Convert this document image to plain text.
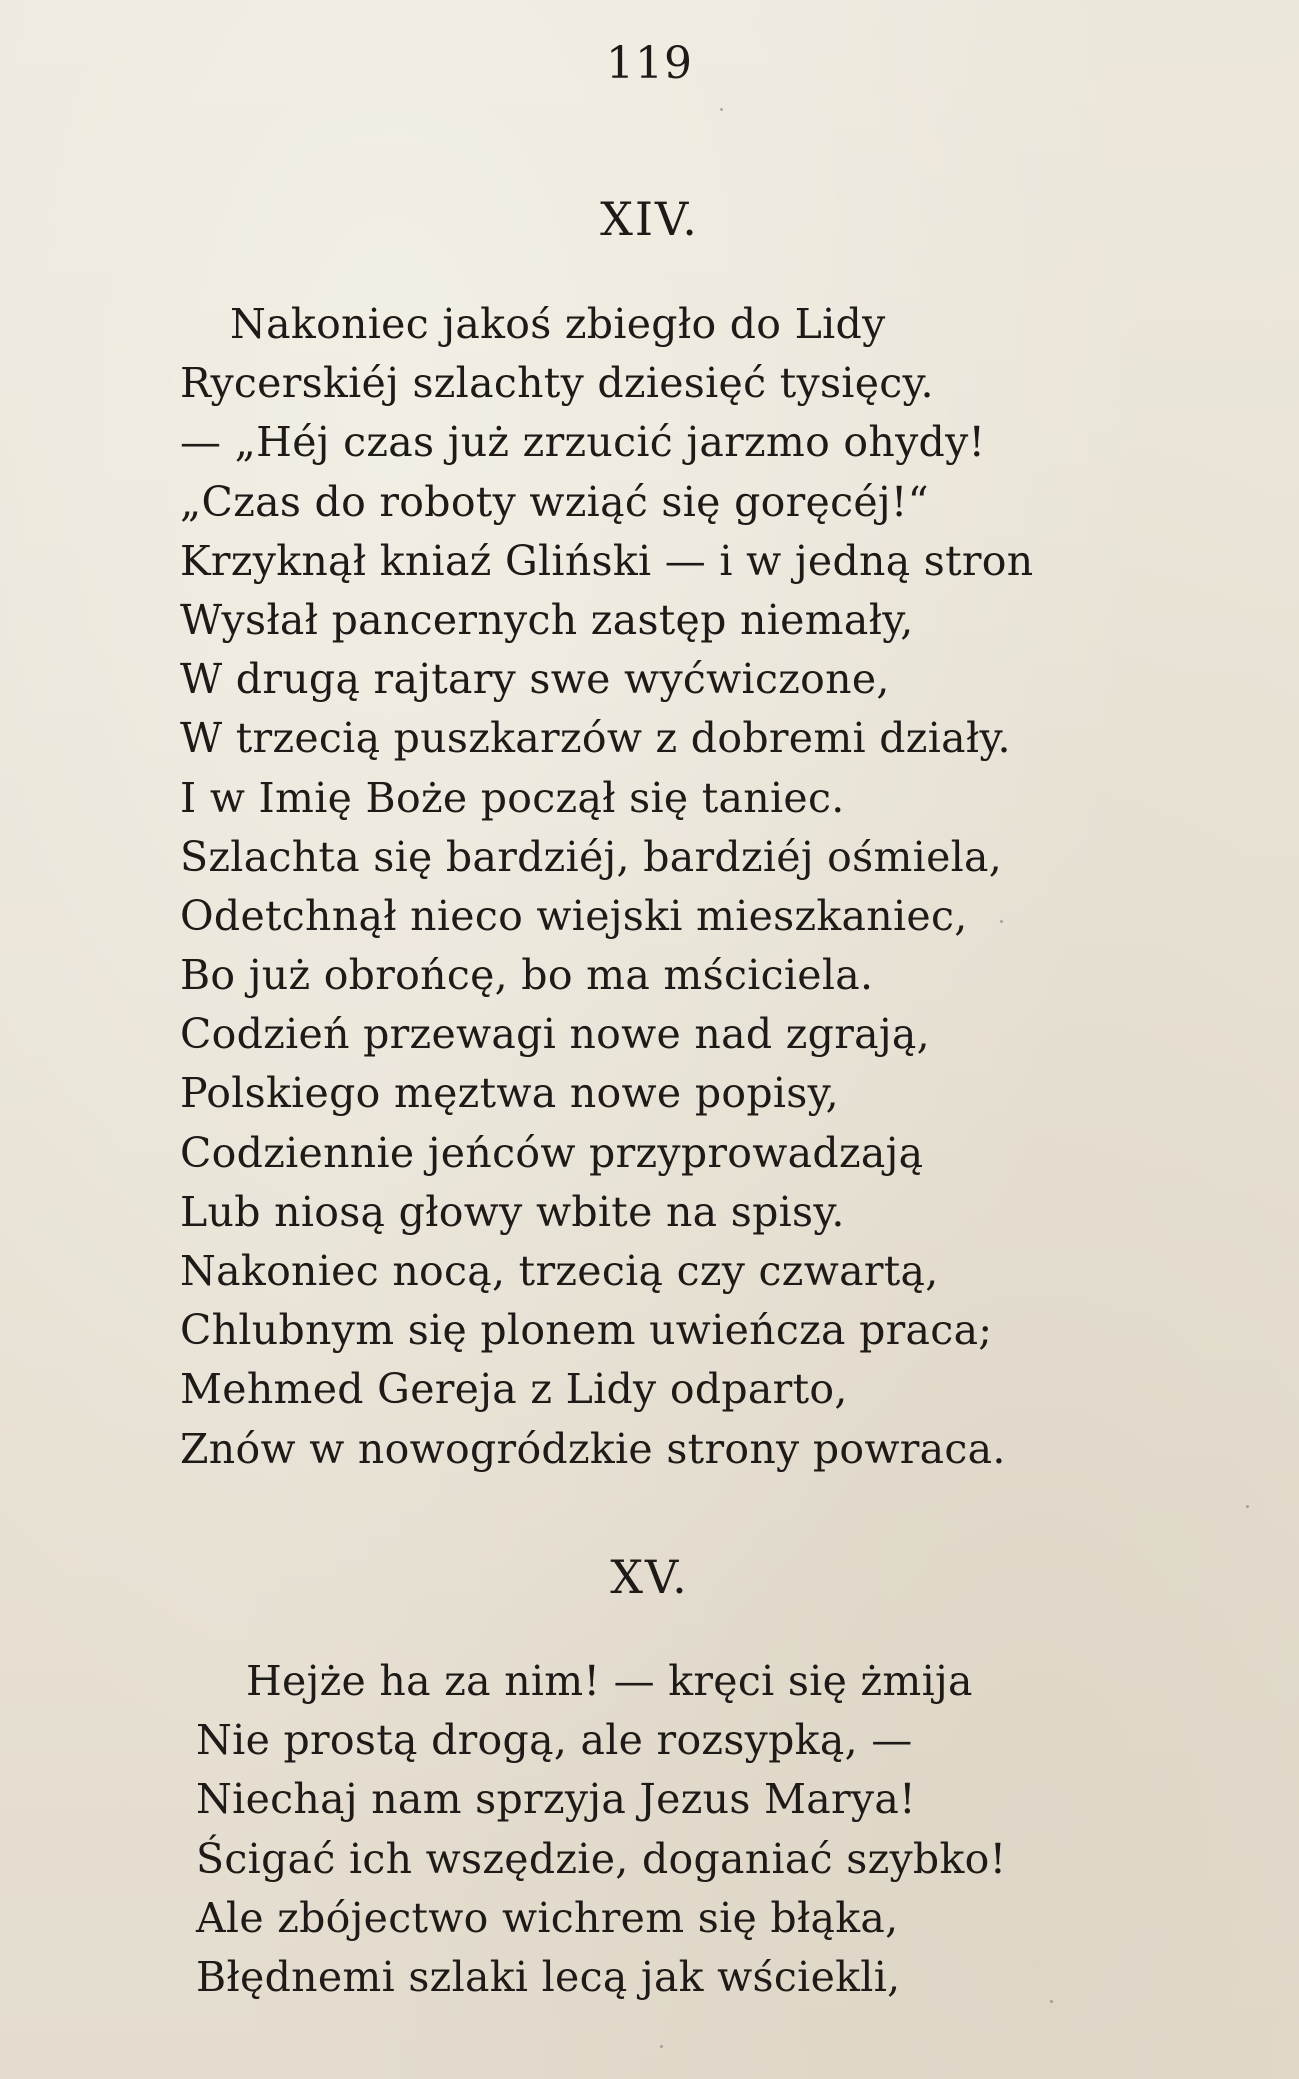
119
XIV.
Nakoniec jakoś zbiegło do Lidy
Rycerskiéj szlachty dziesięć tysięcy.
— „Héj czas już zrzucić jarzmo ohydy!
„Czas do roboty wziąć się goręcéj!“
Krzyknął kniaź Gliński — i w jedną stron
Wysłał pancernych zastęp niemały,
W drugą rajtary swe wyćwiczone,
W trzecią puszkarzów z dobremi działy.
I w Imię Boże począł się taniec.
Szlachta się bardziéj, bardziéj ośmiela,
Odetchnął nieco wiejski mieszkaniec,
Bo już obrońcę, bo ma mściciela.
Codzień przewagi nowe nad zgrają,
Polskiego męztwa nowe popisy,
Codziennie jeńców przyprowadzają
Lub niosą głowy wbite na spisy.
Nakoniec nocą, trzecią czy czwartą,
Chlubnym się plonem uwieńcza praca;
Mehmed Gereja z Lidy odparto,
Znów w nowogródzkie strony powraca.
XV.
Hejże ha za nim! — kręci się żmija
Nie prostą drogą, ale rozsypką, —
Niechaj nam sprzyja Jezus Marya!
Ścigać ich wszędzie, doganiać szybko!
Ale zbójectwo wichrem się błąka,
Błędnemi szlaki lecą jak wściekli,
